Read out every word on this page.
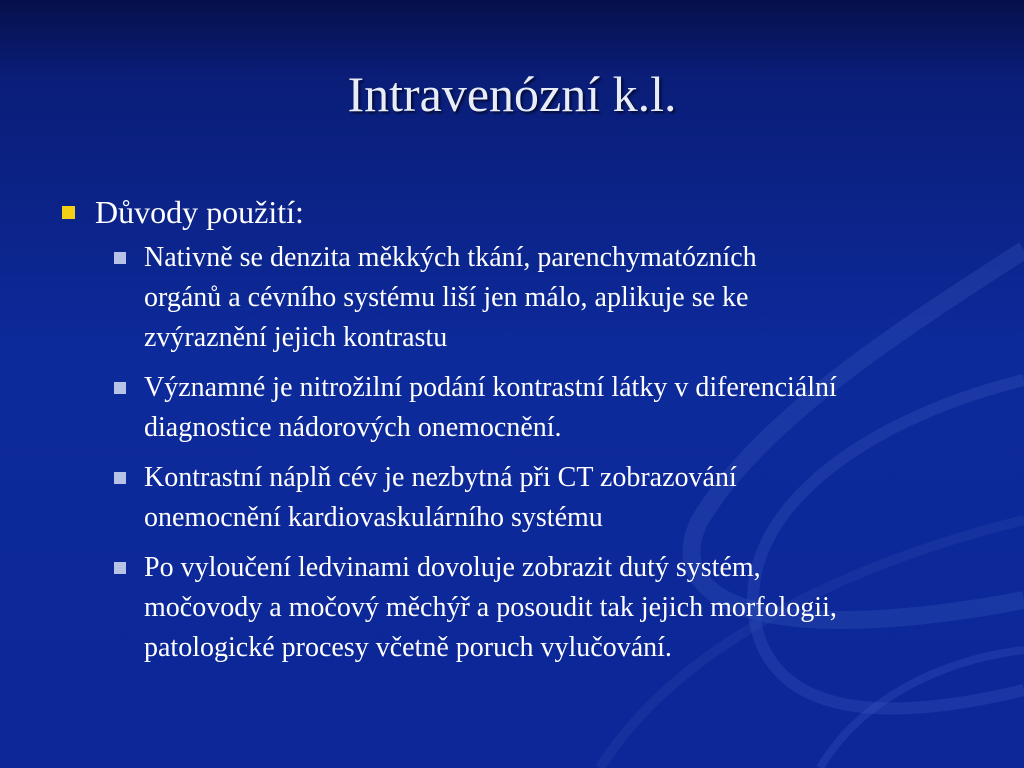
Intravenózní k.l.
Důvody použití:
Nativně se denzita měkkých tkání, parenchymatózních
orgánů a cévního systému liší jen málo, aplikuje se ke
zvýraznění jejich kontrastu
Významné je nitrožilní podání kontrastní látky v diferenciální
diagnostice nádorových onemocnění.
Kontrastní náplň cév je nezbytná při CT zobrazování
onemocnění kardiovaskulárního systému
Po vyloučení ledvinami dovoluje zobrazit dutý systém,
močovody a močový měchýř a posoudit tak jejich morfologii,
patologické procesy včetně poruch vylučování.
